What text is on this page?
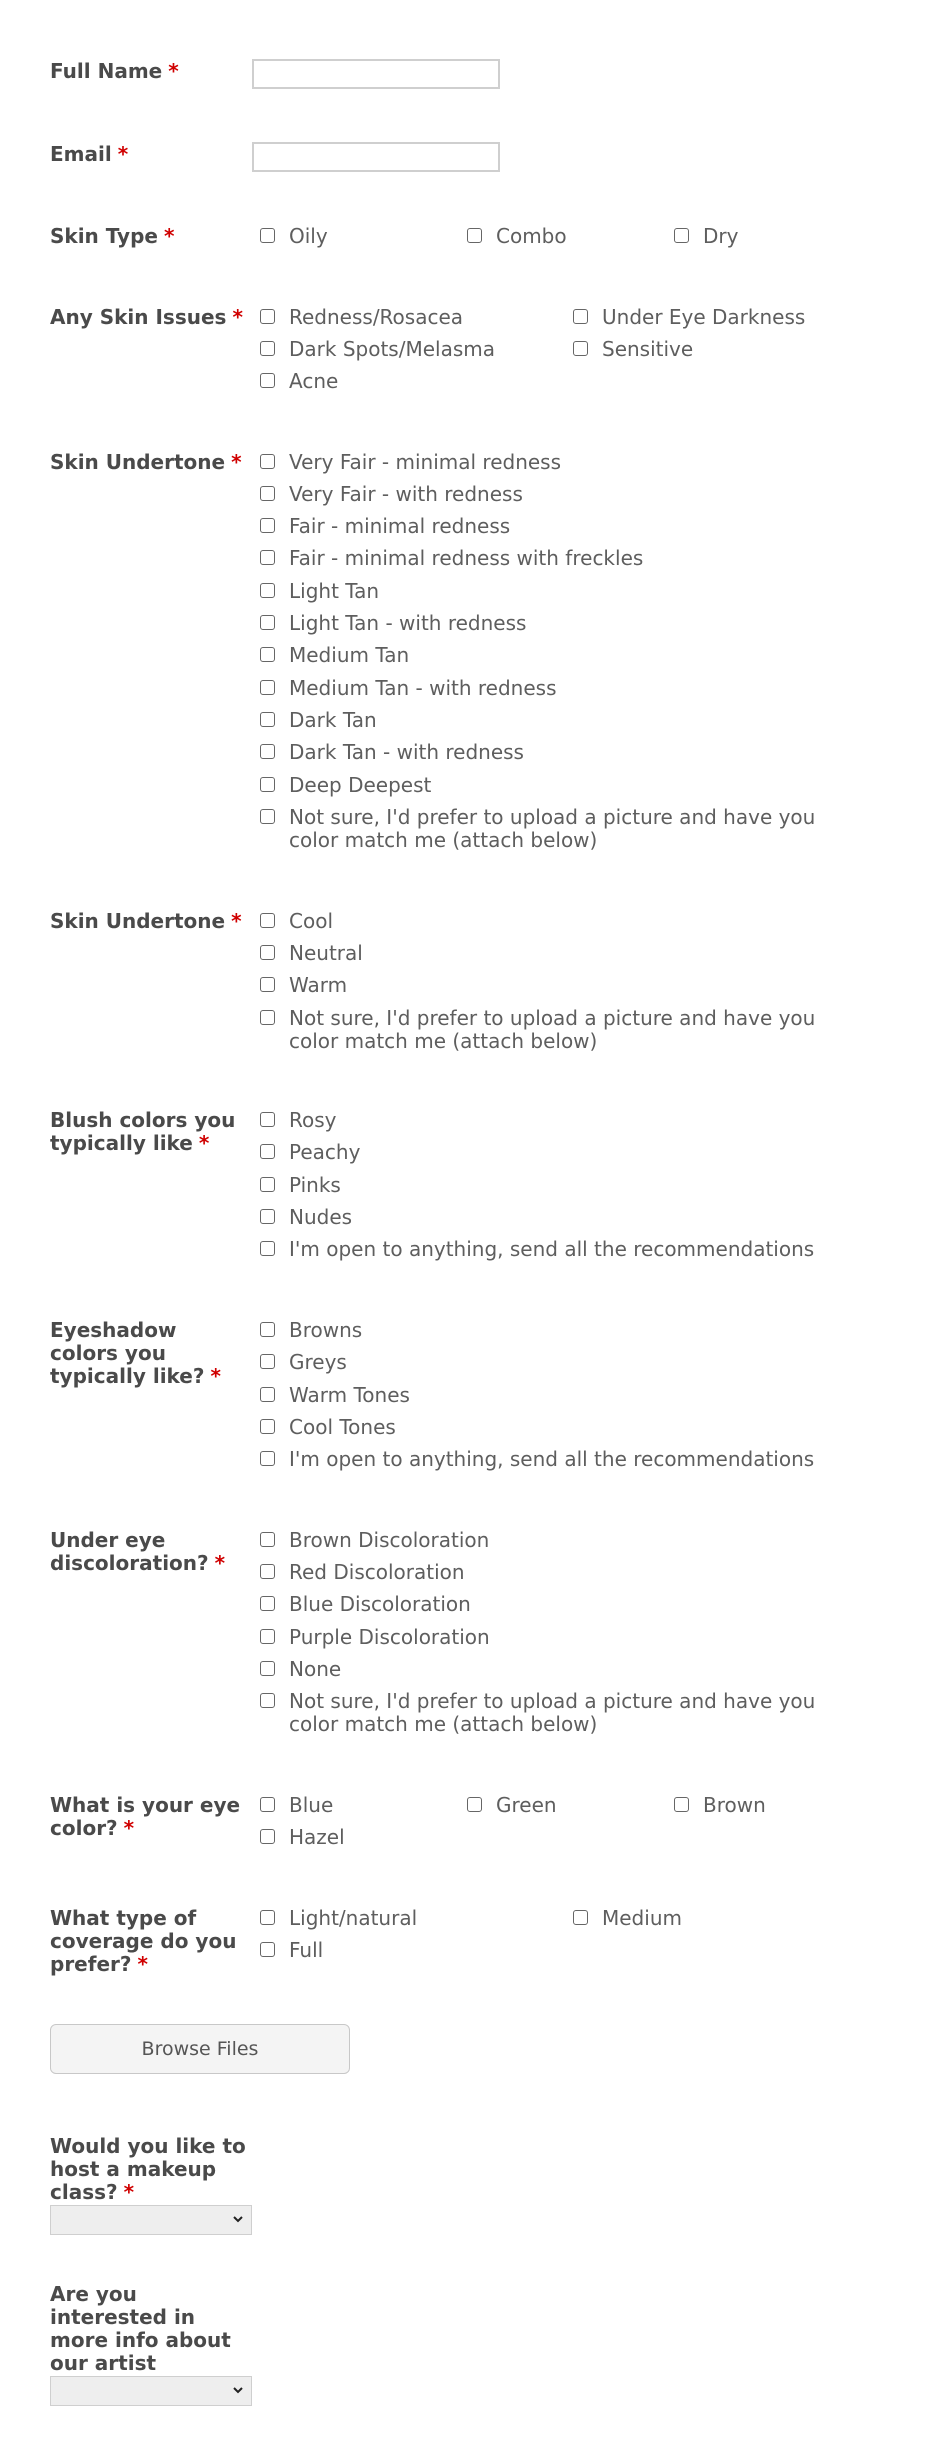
Full Name *
Email *
Skin Type *	Oily	Combo	Dry
Any Skin Issues *	Redness/Rosacea	Under Eye Darkness
Dark Spots/Melasma	Sensitive
Acne
Skin Undertone *	Very Fair - minimal redness
Very Fair - with redness
Fair - minimal redness
Fair - minimal redness with freckles
Light Tan
Light Tan - with redness
Medium Tan
Medium Tan - with redness
Dark Tan
Dark Tan - with redness
Deep Deepest
Not sure, I'd prefer to upload a picture and have you color match me (attach below)
Skin Undertone *	Cool
Neutral
Warm
Not sure, I'd prefer to upload a picture and have you color match me (attach below)
Blush colors you typically like *
Rosy
Peachy
Pinks
Nudes
I'm open to anything, send all the recommendations
Eyeshadow colors you typically like? *
Browns
Greys
Warm Tones
Cool Tones
I'm open to anything, send all the recommendations
Under eye discoloration? *
Brown Discoloration
Red Discoloration
Blue Discoloration
Purple Discoloration
None
Not sure, I'd prefer to upload a picture and have you color match me (attach below)
What is your eye color? *
Blue	Green	Brown
Hazel
What type of coverage do you prefer? *
Light/natural	Medium
Full
Browse Files
Would you like to host a makeup class? *
Are you interested in more info about our artist
